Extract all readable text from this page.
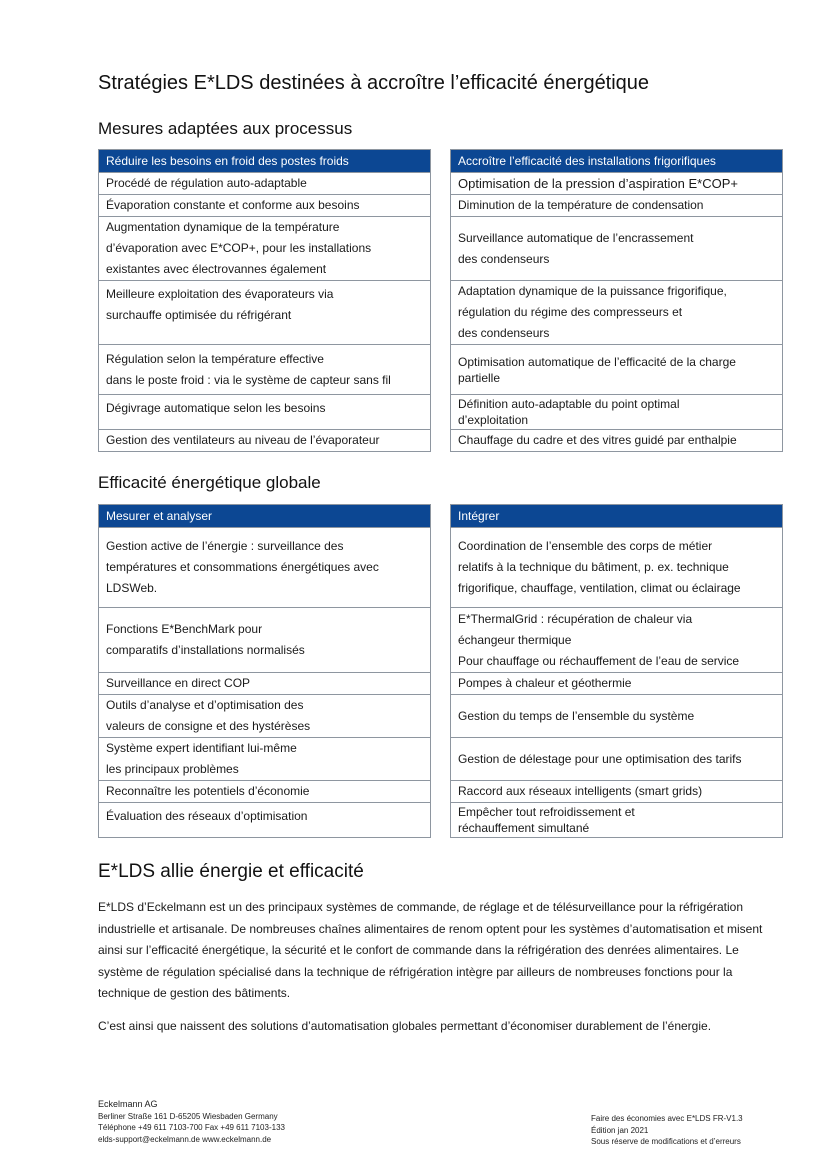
Stratégies E*LDS destinées à accroître l’efficacité énergétique
Mesures adaptées aux processus
Réduire les besoins en froid des postes froids
Procédé de régulation auto-adaptable
Évaporation constante et conforme aux besoins
Augmentation dynamique de la température
d’évaporation avec E*COP+, pour les installations
existantes avec électrovannes également
Meilleure exploitation des évaporateurs via
surchauffe optimisée du réfrigérant
Régulation selon la température effective
dans le poste froid : via le système de capteur sans fil
Dégivrage automatique selon les besoins
Gestion des ventilateurs au niveau de l’évaporateur
Accroître l’efficacité des installations frigorifiques
Optimisation de la pression d’aspiration E*COP+
Diminution de la température de condensation
Surveillance automatique de l’encrassement
des condenseurs
Adaptation dynamique de la puissance frigorifique,
régulation du régime des compresseurs et
des condenseurs
Optimisation automatique de l’efficacité de la charge
partielle
Définition auto-adaptable du point optimal
d’exploitation
Chauffage du cadre et des vitres guidé par enthalpie
Efficacité énergétique globale
Mesurer et analyser
Gestion active de l’énergie : surveillance des
températures et consommations énergétiques avec
LDSWeb.
Fonctions E*BenchMark pour
comparatifs d’installations normalisés
Surveillance en direct COP
Outils d’analyse et d’optimisation des
valeurs de consigne et des hystérèses
Système expert identifiant lui-même
les principaux problèmes
Reconnaître les potentiels d’économie
Évaluation des réseaux d’optimisation
Intégrer
Coordination de l’ensemble des corps de métier
relatifs à la technique du bâtiment, p. ex. technique
frigorifique, chauffage, ventilation, climat ou éclairage
E*ThermalGrid : récupération de chaleur via
échangeur thermique
Pour chauffage ou réchauffement de l’eau de service
Pompes à chaleur et géothermie
Gestion du temps de l’ensemble du système
Gestion de délestage pour une optimisation des tarifs
Raccord aux réseaux intelligents (smart grids)
Empêcher tout refroidissement et
réchauffement simultané
E*LDS allie énergie et efficacité

E*LDS d’Eckelmann est un des principaux systèmes de commande, de réglage et de télésurveillance pour la réfrigération industrielle et artisanale. De nombreuses chaînes alimentaires de renom optent pour les systèmes d’automatisation et misent ainsi sur l’efficacité énergétique, la sécurité et le confort de commande dans la réfrigération des denrées alimentaires. Le système de régulation spécialisé dans la technique de réfrigération intègre par ailleurs de nombreuses fonctions pour la technique de gestion des bâtiments.

C’est ainsi que naissent des solutions d’automatisation globales permettant d’économiser durablement de l’énergie.

Eckelmann AG
Berliner Straße 161 D-65205 Wiesbaden Germany
Téléphone +49 611 7103-700 Fax +49 611 7103-133
elds-support@eckelmann.de www.eckelmann.de
Faire des économies avec E*LDS FR-V1.3
Édition jan 2021
Sous réserve de modifications et d’erreurs
